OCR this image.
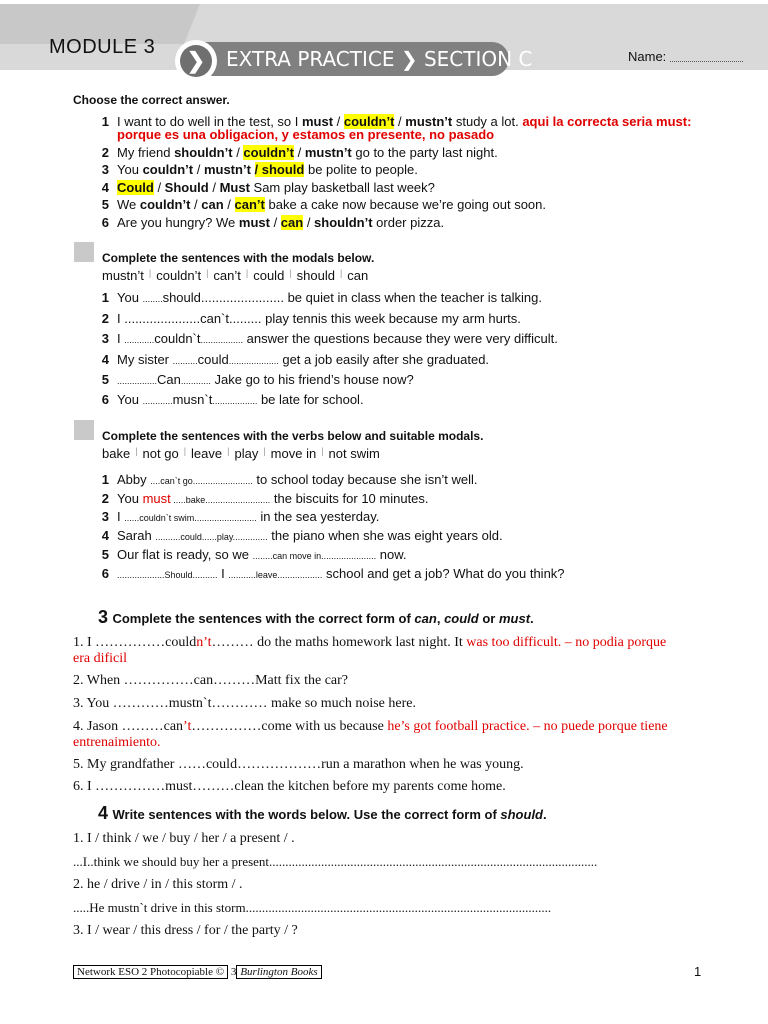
MODULE 3
❯	EXTRA PRACTICE ❯ SECTION C	Name:
Choose the correct answer.
1 I want to do well in the test, so I must / couldn’t / mustn’t study a lot. aqui la correcta seria must:
porque es una obligacion, y estamos en presente, no pasado
2 My friend shouldn’t / couldn’t / mustn’t go to the party last night.
3 You couldn’t / mustn’t / should be polite to people.
4 Could / Should / Must Sam play basketball last week?
5 We couldn’t / can / can’t bake a cake now because we’re going out soon.
6 Are you hungry? We must / can / shouldn’t order pizza.
Complete the sentences with the modals below.
mustn’t | couldn’t | can’t | could | should | can
1 You ........should....................... be quiet in class when the teacher is talking.
2 I .....................can`t......... play tennis this week because my arm hurts.
3 I ............couldn`t................. answer the questions because they were very difficult.
4 My sister ..........could.................... get a job easily after she graduated.
5 ................Can............ Jake go to his friend’s house now?
6 You ............musn`t.................. be late for school.
Complete the sentences with the verbs below and suitable modals.
bake | not go | leave | play | move in | not swim
1 Abby ....can`t go........................ to school today because she isn’t well.
2 You must .....bake.......................... the biscuits for 10 minutes.
3 I ......couldn`t swim......................... in the sea yesterday.
4 Sarah ..........could......play.............. the piano when she was eight years old.
5 Our flat is ready, so we ........can move in...................... now.
6 ...................Should.......... I ...........leave.................. school and get a job? What do you think?
3 Complete the sentences with the correct form of can, could or must.
1. I ……………couldn’t……… do the maths homework last night. It was too difficult. – no podia porque
era dificil
2. When ……………can………Matt fix the car?
3. You …………mustn`t………… make so much noise here.
4. Jason ………can’t……………come with us because he’s got football practice. – no puede porque tiene
entrenaimiento.
5. My grandfather ……could………………run a marathon when he was young.
6. I ……………must………clean the kitchen before my parents come home.
4 Write sentences with the words below. Use the correct form of should.
1. I / think / we / buy / her / a present / .
...I..think we should buy her a present.....................................................................................................
2. he / drive / in / this storm / .
.....He mustn`t drive in this storm..............................................................................................
3. I / wear / this dress / for / the party / ?
Network ESO 2 Photocopiable © 3 Burlington Books	1
